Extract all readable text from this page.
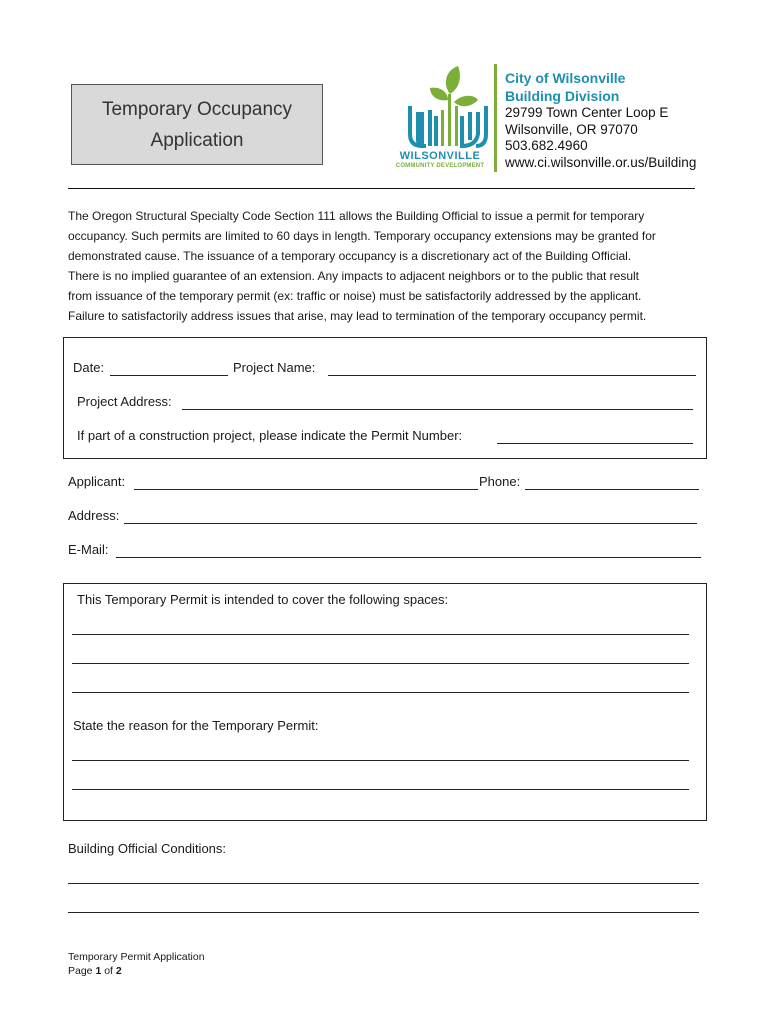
Temporary Occupancy
Application
WILSONVILLE
COMMUNITY DEVELOPMENT
City of Wilsonville
Building Division
29799 Town Center Loop E
Wilsonville, OR 97070
503.682.4960
www.ci.wilsonville.or.us/Building
The Oregon Structural Specialty Code Section 111 allows the Building Official to issue a permit for temporary
occupancy. Such permits are limited to 60 days in length. Temporary occupancy extensions may be granted for
demonstrated cause. The issuance of a temporary occupancy is a discretionary act of the Building Official.
There is no implied guarantee of an extension. Any impacts to adjacent neighbors or to the public that result
from issuance of the temporary permit (ex: traffic or noise) must be satisfactorily addressed by the applicant.
Failure to satisfactorily address issues that arise, may lead to termination of the temporary occupancy permit.
Date:	Project Name:
Project Address:
If part of a construction project, please indicate the Permit Number:
Applicant:	Phone:
Address:
E-Mail:
This Temporary Permit is intended to cover the following spaces:
State the reason for the Temporary Permit:
Building Official Conditions:
Temporary Permit Application
Page 1 of 2
